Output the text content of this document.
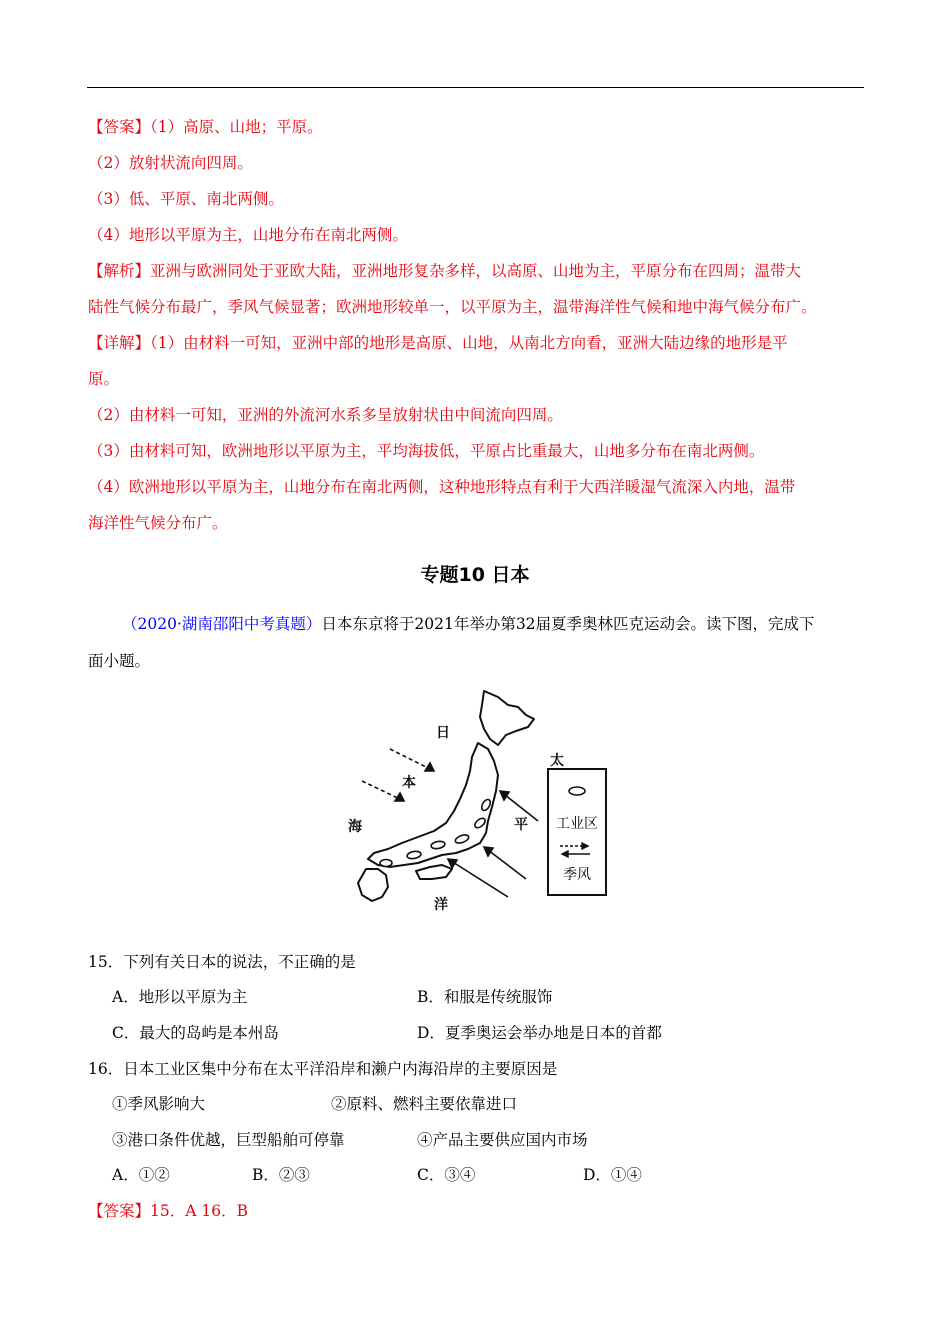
【答案】（1）高原、山地；平原。
（2）放射状流向四周。
（3）低、平原、南北两侧。
（4）地形以平原为主，山地分布在南北两侧。
【解析】亚洲与欧洲同处于亚欧大陆，亚洲地形复杂多样，以高原、山地为主，平原分布在四周；温带大
陆性气候分布最广，季风气候显著；欧洲地形较单一，以平原为主，温带海洋性气候和地中海气候分布广。
【详解】（1）由材料一可知，亚洲中部的地形是高原、山地，从南北方向看，亚洲大陆边缘的地形是平
原。
（2）由材料一可知，亚洲的外流河水系多呈放射状由中间流向四周。
（3）由材料可知，欧洲地形以平原为主，平均海拔低，平原占比重最大，山地多分布在南北两侧。
（4）欧洲地形以平原为主，山地分布在南北两侧，这种地形特点有利于大西洋暖湿气流深入内地，温带
海洋性气候分布广。
专题10 日本
（2020·湖南邵阳中考真题）日本东京将于2021年举办第32届夏季奥林匹克运动会。读下图，完成下
面小题。
工业区
季风
日
本
海
太
平
洋
15．下列有关日本的说法，不正确的是
A．地形以平原为主	B．和服是传统服饰
C．最大的岛屿是本州岛	D．夏季奥运会举办地是日本的首都
16．日本工业区集中分布在太平洋沿岸和濑户内海沿岸的主要原因是
①季风影响大	②原料、燃料主要依靠进口
③港口条件优越，巨型船舶可停靠	④产品主要供应国内市场
A．①②	B．②③	C．③④	D．①④
【答案】15．A 16．B
